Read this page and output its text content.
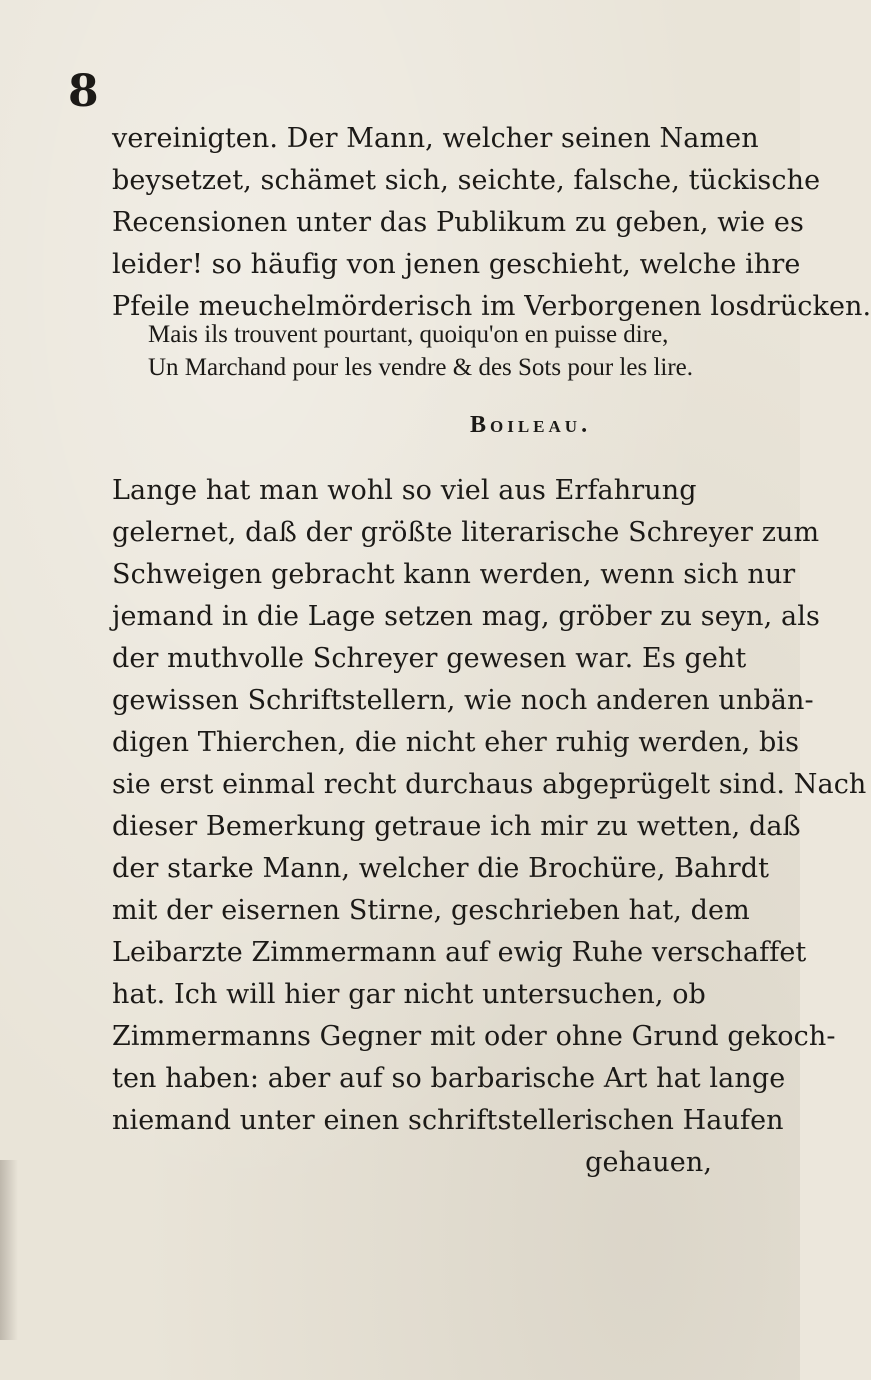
8
vereinigten. Der Mann, welcher seinen Namen
beysetzet, schämet sich, seichte, falsche, tückische
Recensionen unter das Publikum zu geben, wie es
leider! so häufig von jenen geschieht, welche ihre
Pfeile meuchelmörderisch im Verborgenen losdrücken.
Mais ils trouvent pourtant, quoiqu'on en puisse dire,
Un Marchand pour les vendre & des Sots pour les lire.
Boileau.
Lange hat man wohl so viel aus Erfahrung
gelernet, daß der größte literarische Schreyer zum
Schweigen gebracht kann werden, wenn sich nur
jemand in die Lage setzen mag, gröber zu seyn, als
der muthvolle Schreyer gewesen war. Es geht
gewissen Schriftstellern, wie noch anderen unbän-
digen Thierchen, die nicht eher ruhig werden, bis
sie erst einmal recht durchaus abgeprügelt sind. Nach
dieser Bemerkung getraue ich mir zu wetten, daß
der starke Mann, welcher die Brochüre, Bahrdt
mit der eisernen Stirne, geschrieben hat, dem
Leibarzte Zimmermann auf ewig Ruhe verschaffet
hat. Ich will hier gar nicht untersuchen, ob
Zimmermanns Gegner mit oder ohne Grund gekoch-
ten haben: aber auf so barbarische Art hat lange
niemand unter einen schriftstellerischen Haufen
gehauen,
